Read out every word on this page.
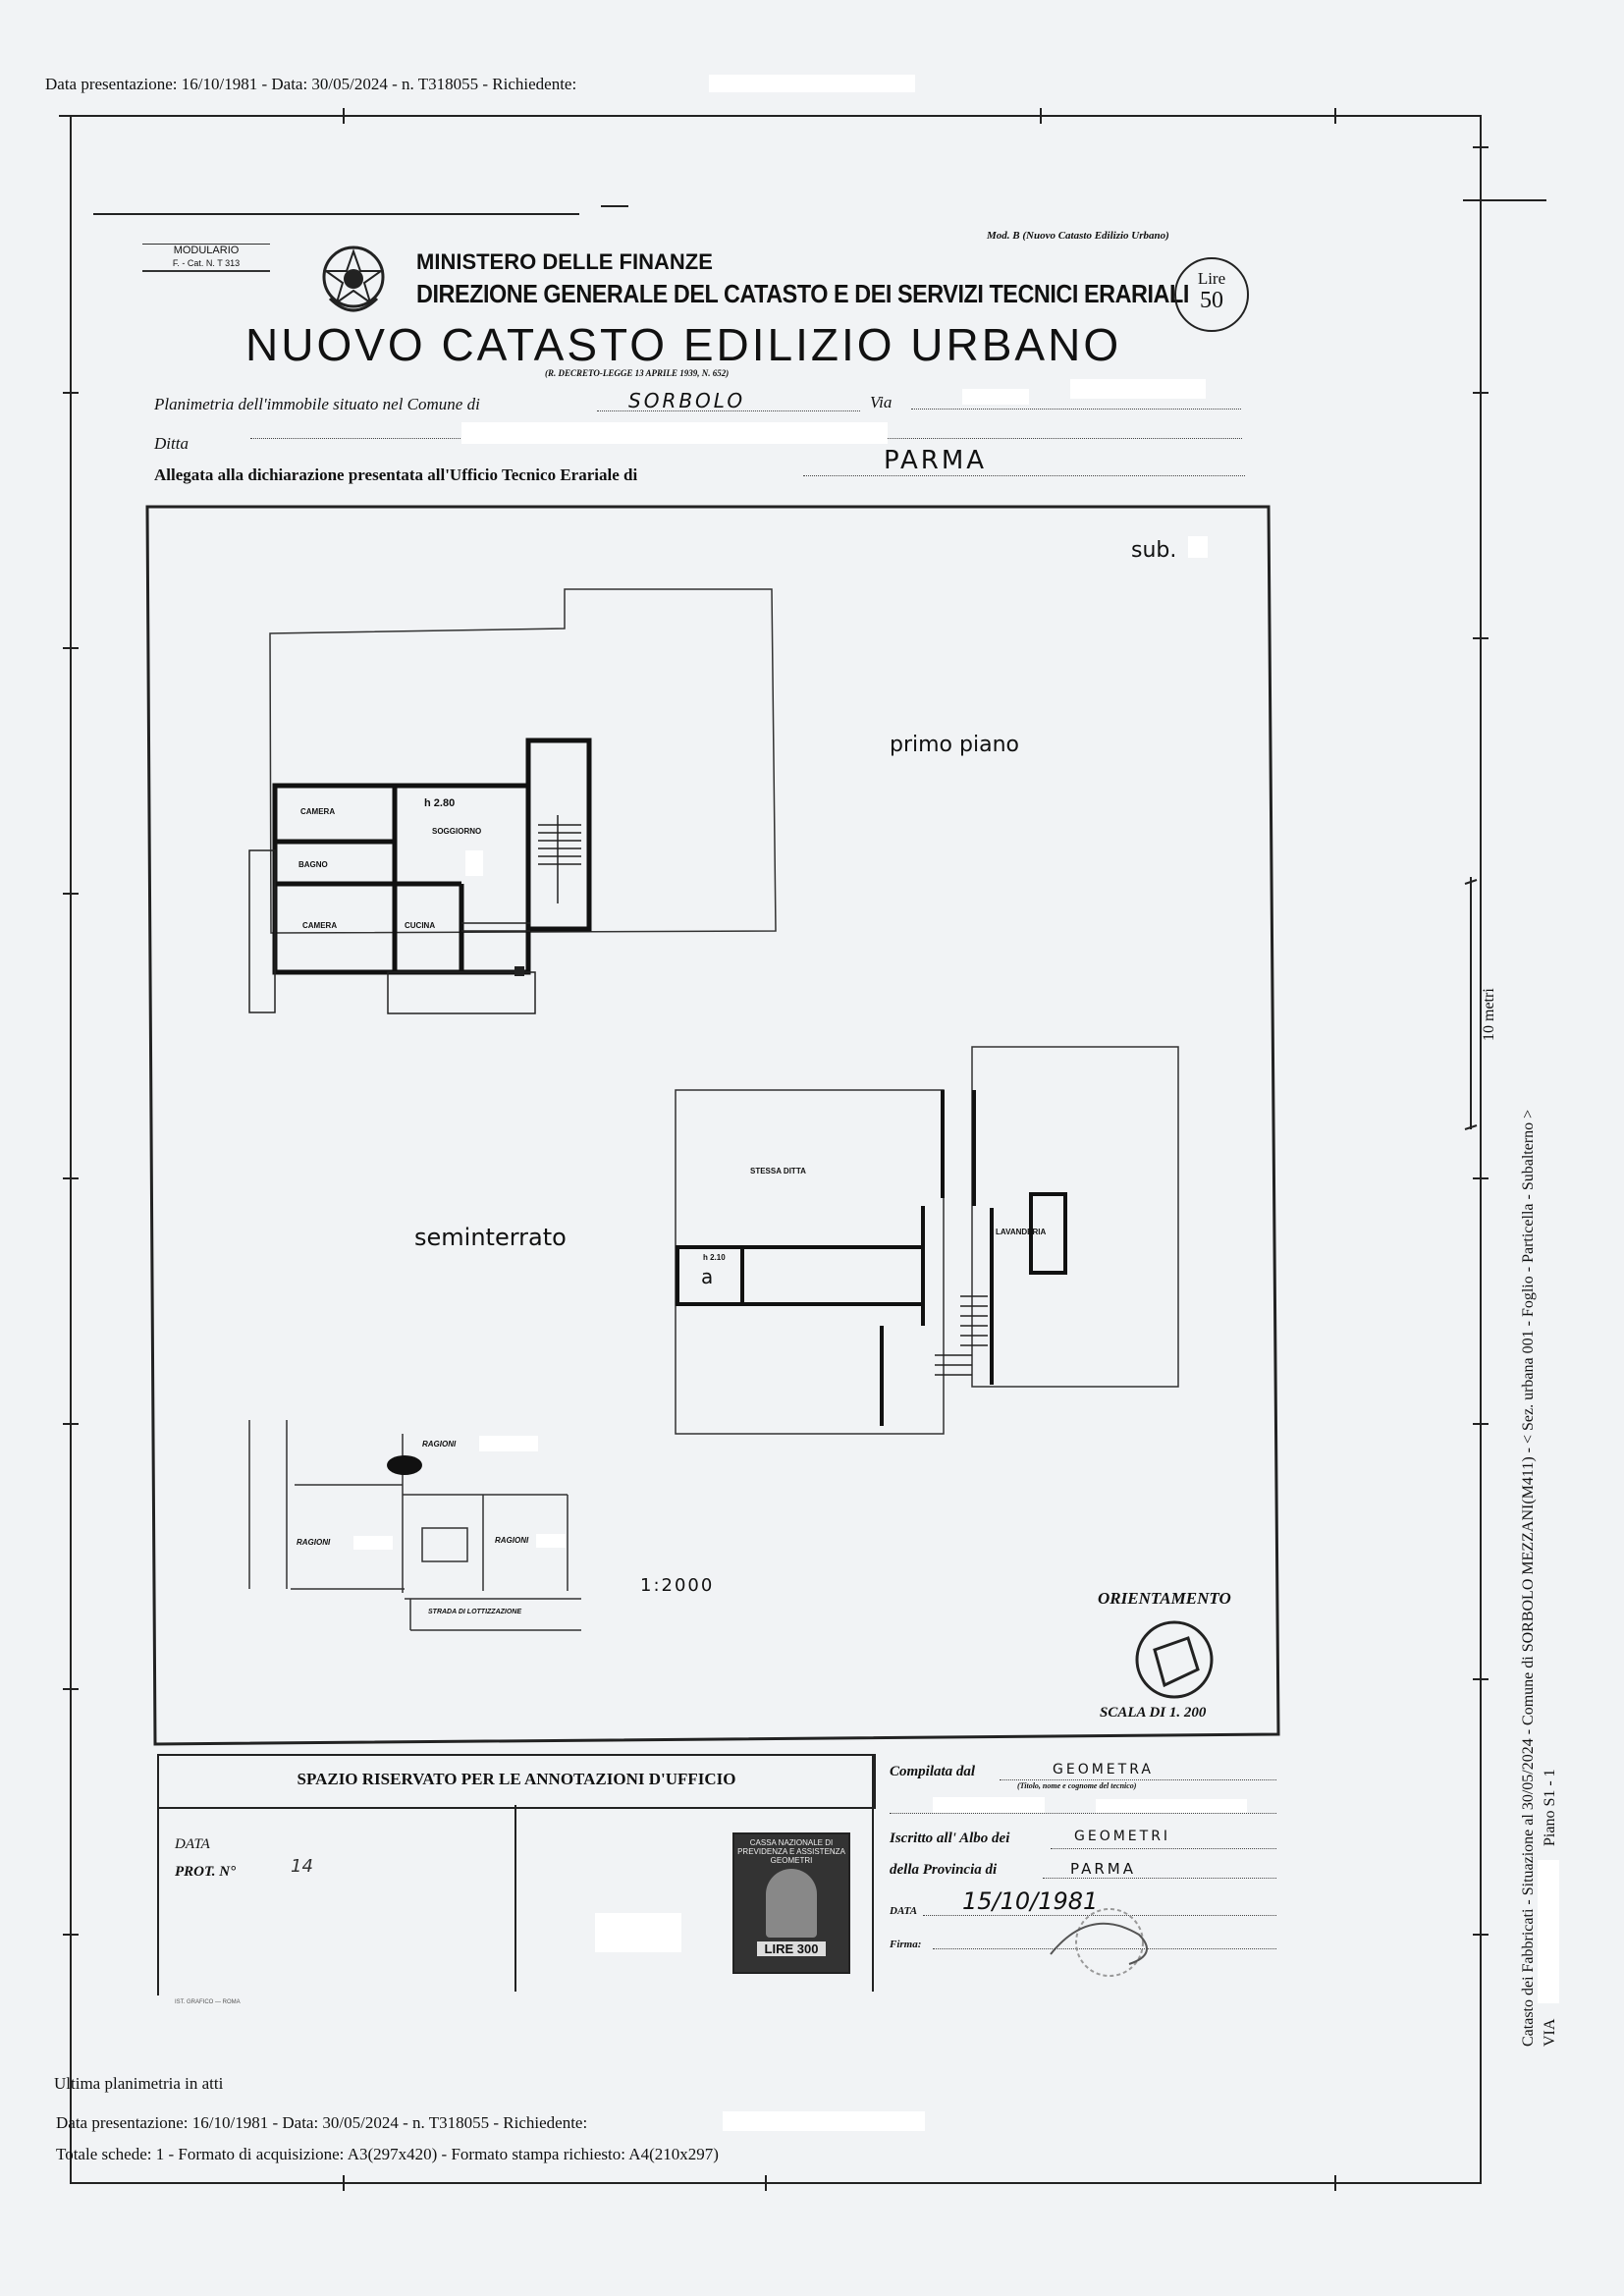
Data presentazione: 16/10/1981 - Data: 30/05/2024 - n. T318055 - Richiedente:
MODULARIO
F. - Cat. N. T 313	MINISTERO DELLE FINANZE
DIREZIONE GENERALE DEL CATASTO E DEI SERVIZI TECNICI ERARIALI
Mod. B (Nuovo Catasto Edilizio Urbano)
Lire
50
NUOVO CATASTO EDILIZIO URBANO
(R. DECRETO-LEGGE 13 APRILE 1939, N. 652)
Planimetria dell'immobile situato nel Comune di	SORBOLO	Via
Ditta
Allegata alla dichiarazione presentata all'Ufficio Tecnico Erariale di	PARMA
sub.
primo piano
seminterrato
CAMERA
h 2.80
SOGGIORNO
BAGNO
CAMERA	CUCINA
STESSA DITTA
LAVANDERIA
h 2.10
a
RAGIONI
RAGIONI	RAGIONI
STRADA DI LOTTIZZAZIONE
1:2000
ORIENTAMENTO
SCALA DI 1. 200
SPAZIO RISERVATO PER LE ANNOTAZIONI D'UFFICIO
DATA
PROT. N°	14
IST. GRAFICO — ROMA
CASSA NAZIONALE DI PREVIDENZA E ASSISTENZA GEOMETRI
LIRE 300
Compilata dal	GEOMETRA
(Titolo, nome e cognome del tecnico)
Iscritto all' Albo dei	GEOMETRI
della Provincia di	PARMA
DATA 15/10/1981
Firma:
Ultima planimetria in atti
Data presentazione: 16/10/1981 - Data: 30/05/2024 - n. T318055 - Richiedente:
Totale schede: 1 - Formato di acquisizione: A3(297x420) - Formato stampa richiesto: A4(210x297)
Catasto dei Fabbricati - Situazione al 30/05/2024 - Comune di SORBOLO MEZZANI(M411) - < Sez. urbana 001 - Foglio - Particella - Subalterno > VIA
Piano S1 - 1
10 metri
